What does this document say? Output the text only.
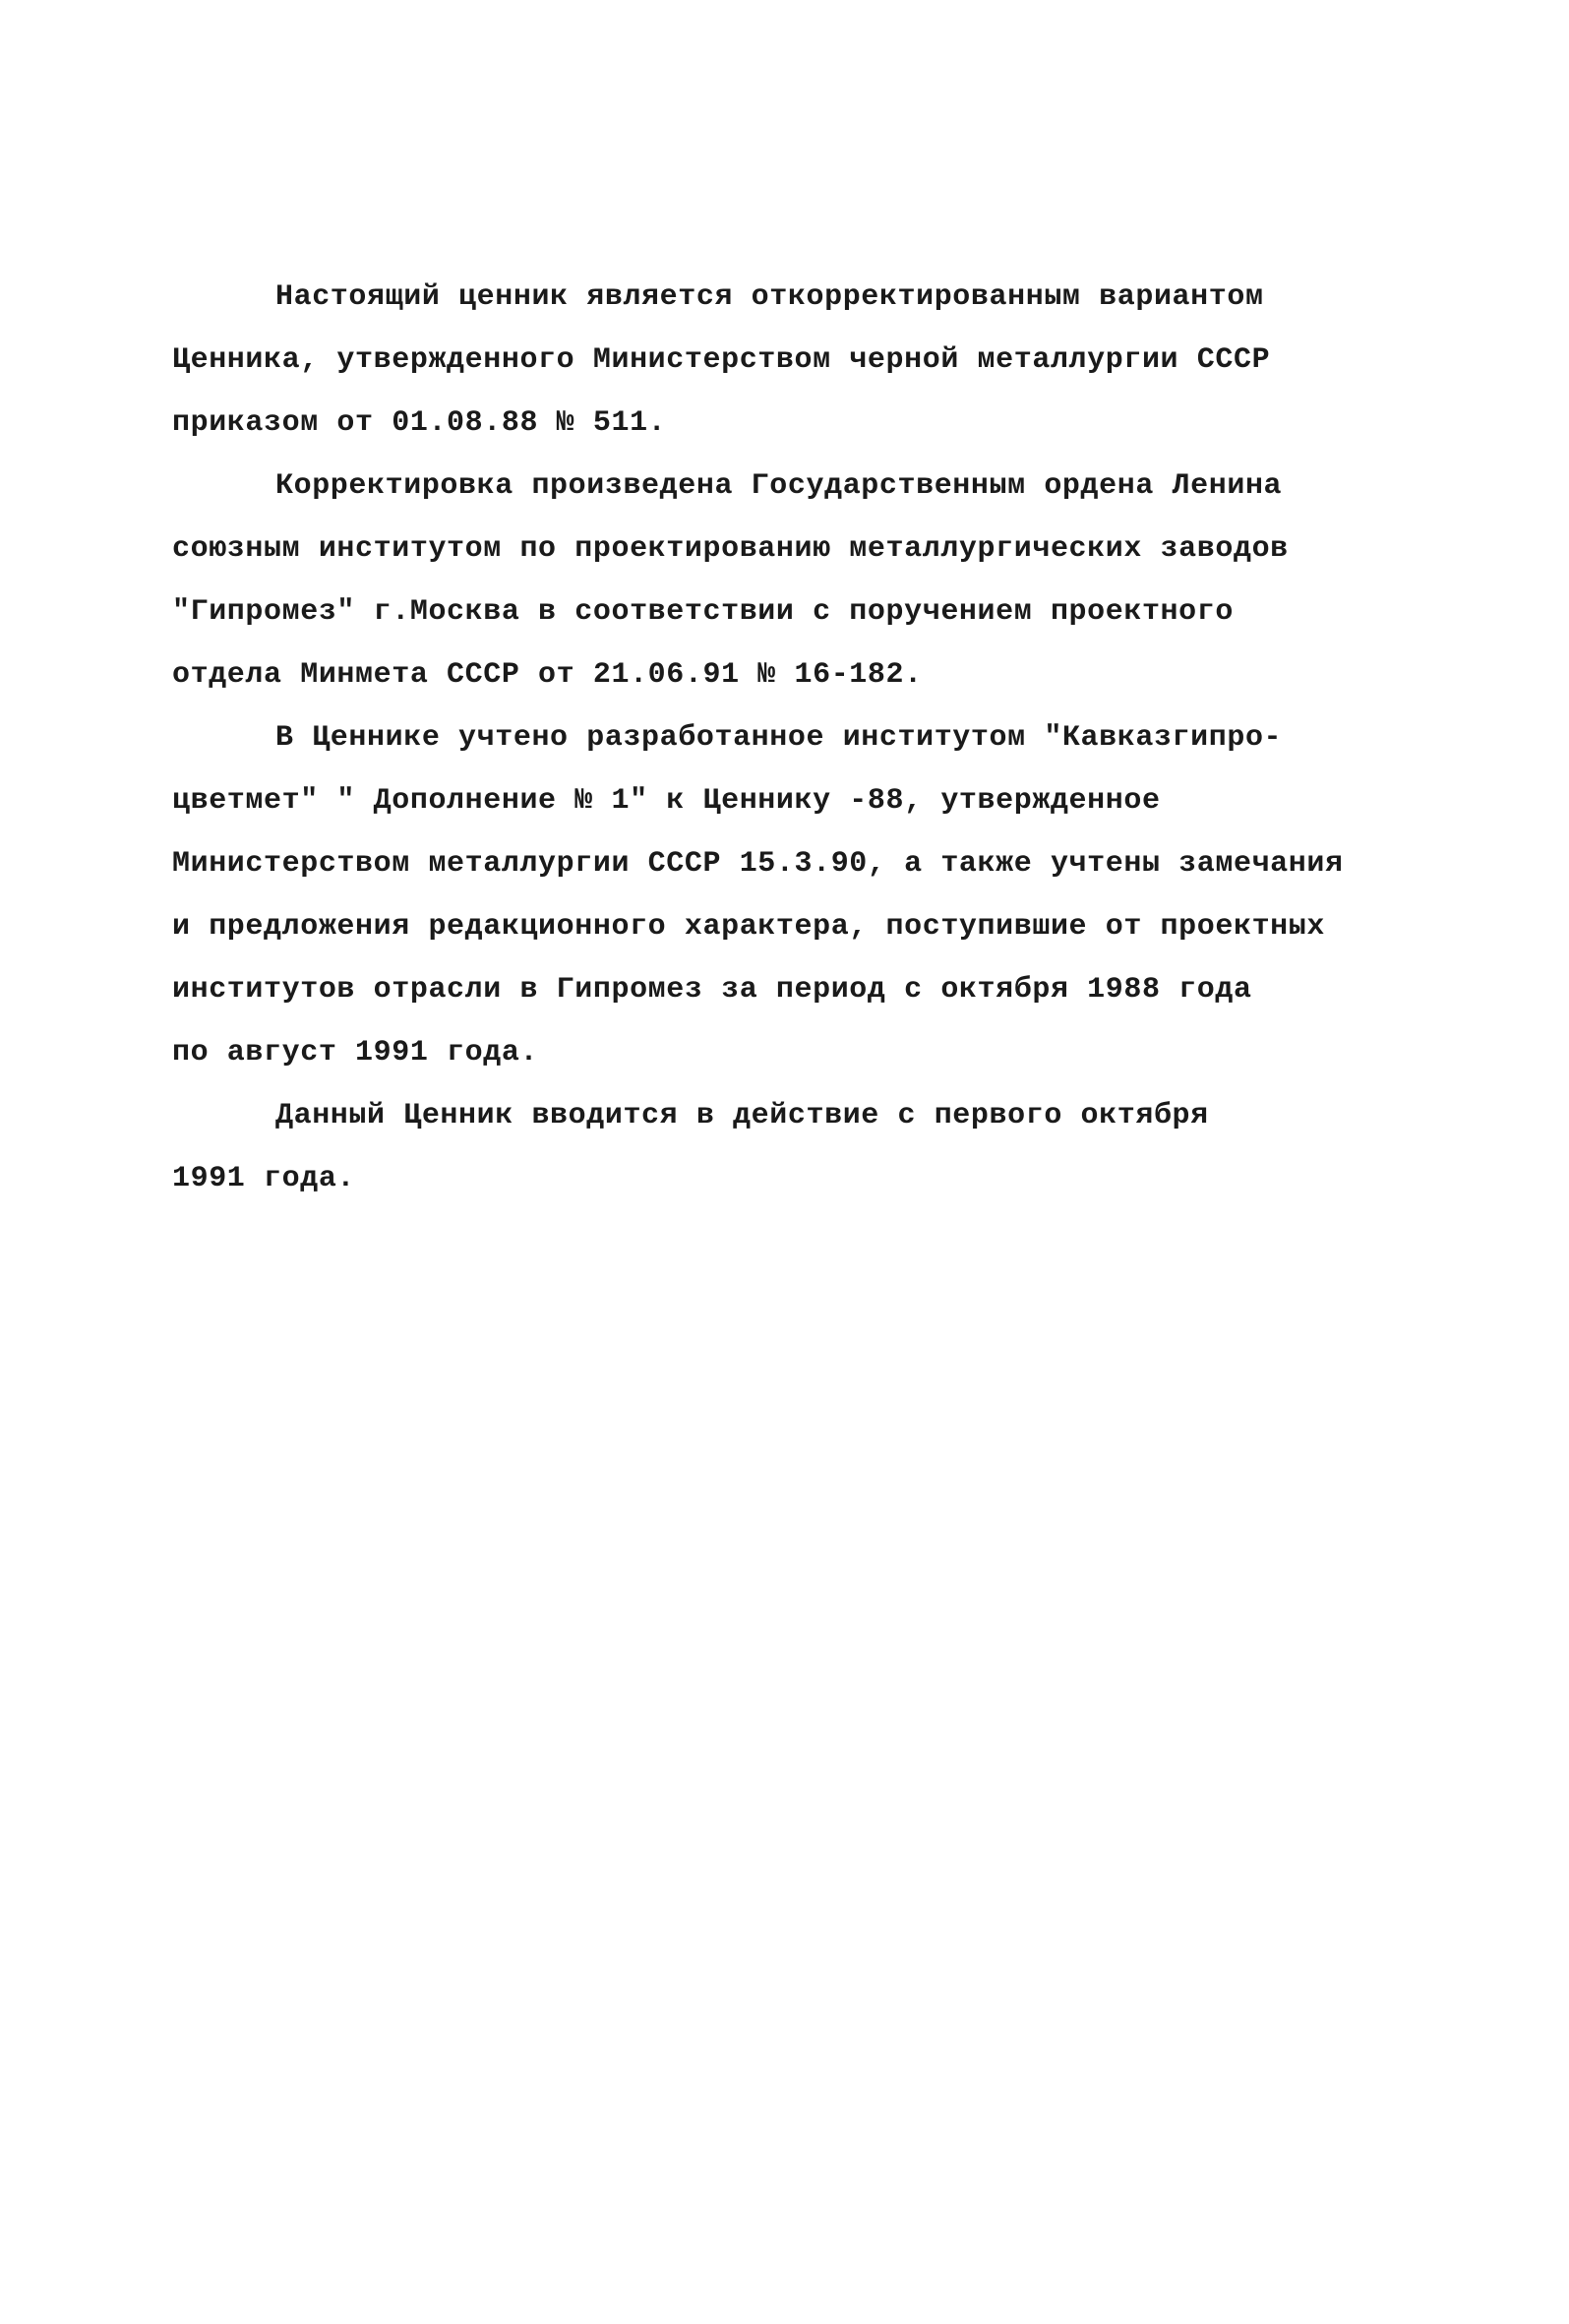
Настоящий ценник является откорректированным вариантом
Ценника, утвержденного Министерством черной металлургии СССР
приказом от 01.08.88 № 511.
Корректировка произведена Государственным ордена Ленина
союзным институтом по проектированию металлургических заводов
"Гипромез" г.Москва в соответствии с поручением проектного
отдела Минмета СССР от 21.06.91 № 16-182.
В Ценнике учтено разработанное институтом "Кавказгипро-
цветмет" " Дополнение № 1" к Ценнику -88, утвержденное
Министерством металлургии СССР 15.3.90, а также учтены замечания
и предложения редакционного характера, поступившие от проектных
институтов отрасли в Гипромез за период с октября 1988 года
по август 1991 года.
Данный Ценник вводится в действие с первого октября
1991 года.
